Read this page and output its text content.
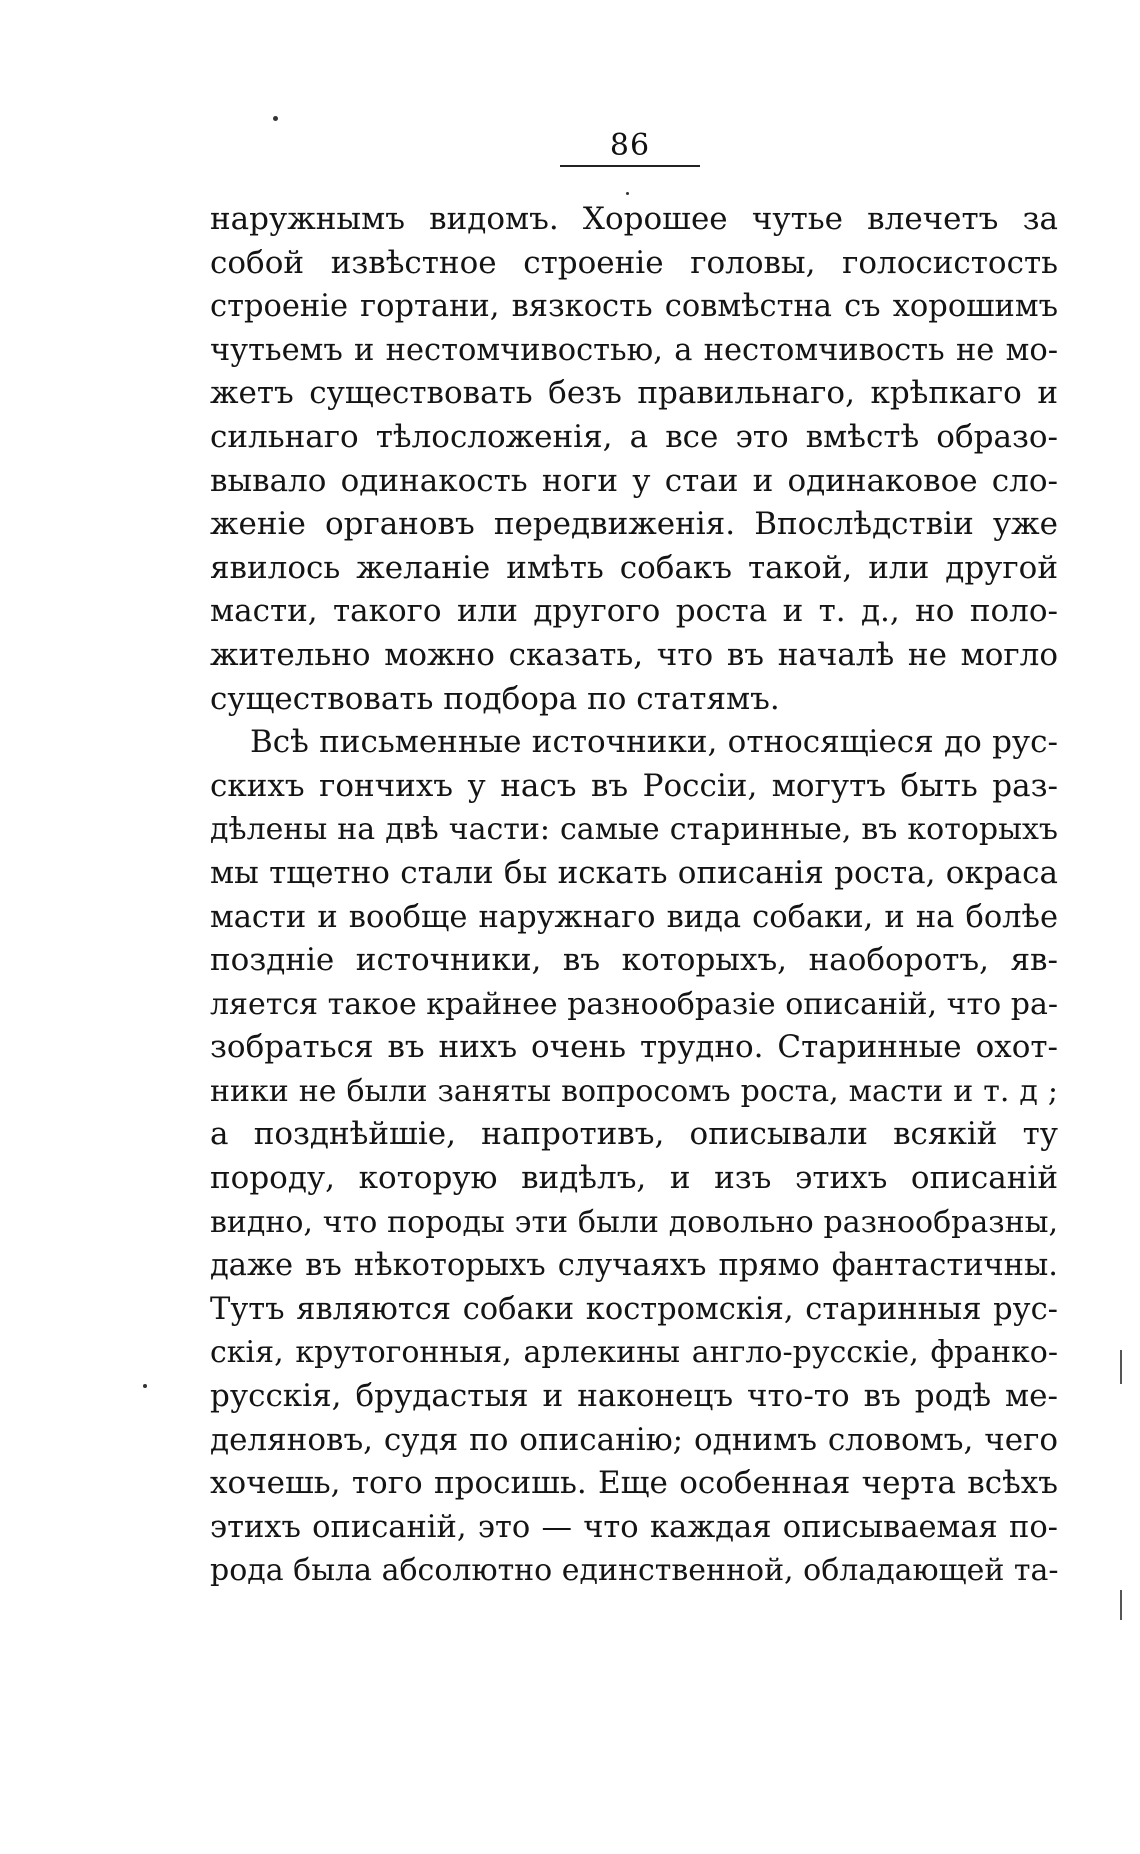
86
наружнымъ видомъ. Хорошее чутье влечетъ за
собой извѣстное строеніе головы, голосистость
строеніе гортани, вязкость совмѣстна съ хорошимъ
чутьемъ и нестомчивостью, а нестомчивость не мо-
жетъ существовать безъ правильнаго, крѣпкаго и
сильнаго тѣлосложенія, а все это вмѣстѣ образо-
вывало одинакость ноги у стаи и одинаковое сло-
женіе органовъ передвиженія. Впослѣдствіи уже
явилось желаніе имѣть собакъ такой, или другой
масти, такого или другого роста и т. д., но поло-
жительно можно сказать, что въ началѣ не могло
существовать подбора по статямъ.
Всѣ письменные источники, относящіеся до рус-
скихъ гончихъ у насъ въ Россіи, могутъ быть раз-
дѣлены на двѣ части: самые старинные, въ которыхъ
мы тщетно стали бы искать описанія роста, окраса
масти и вообще наружнаго вида собаки, и на болѣе
поздніе источники, въ которыхъ, наоборотъ, яв-
ляется такое крайнее разнообразіе описаній, что ра-
зобраться въ нихъ очень трудно. Старинные охот-
ники не были заняты вопросомъ роста, масти и т. д ;
а позднѣйшіе, напротивъ, описывали всякій ту
породу, которую видѣлъ, и изъ этихъ описаній
видно, что породы эти были довольно разнообразны,
даже въ нѣкоторыхъ случаяхъ прямо фантастичны.
Тутъ являются собаки костромскія, старинныя рус-
скія, крутогонныя, арлекины англо-русскіе, франко-
русскія, брудастыя и наконецъ что-то въ родѣ ме-
деляновъ, судя по описанію; однимъ словомъ, чего
хочешь, того просишь. Еще особенная черта всѣхъ
этихъ описаній, это — что каждая описываемая по-
рода была абсолютно единственной, обладающей та-
